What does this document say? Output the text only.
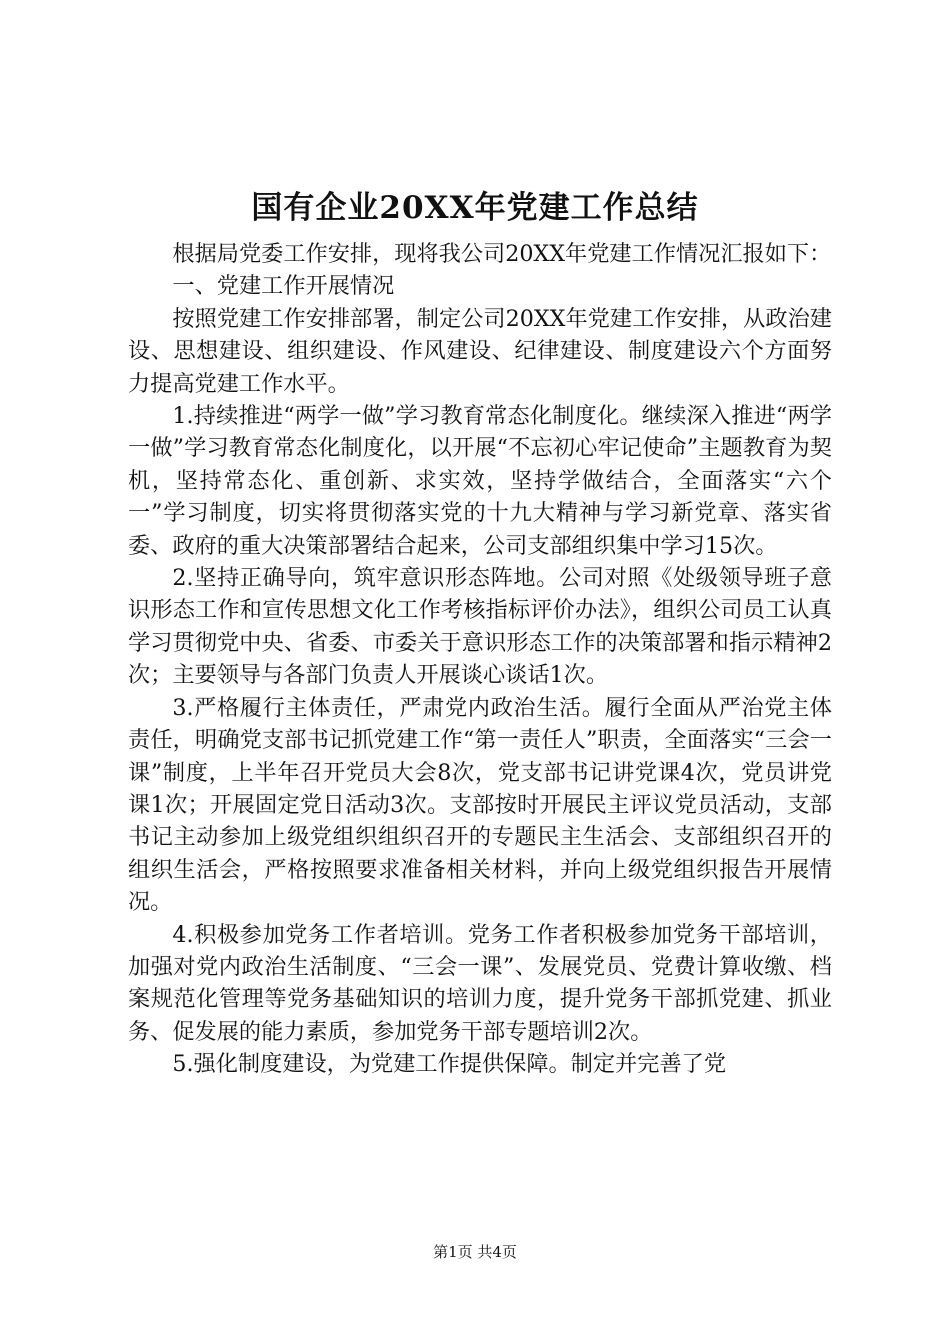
国有企业20XX年党建工作总结

根据局党委工作安排，现将我公司20XX年党建工作情况汇报如下：

一、党建工作开展情况

按照党建工作安排部署，制定公司20XX年党建工作安排，从政治建设、思想建设、组织建设、作风建设、纪律建设、制度建设六个方面努力提高党建工作水平。

1.持续推进“两学一做”学习教育常态化制度化。继续深入推进“两学一做”学习教育常态化制度化，以开展“不忘初心牢记使命”主题教育为契机，坚持常态化、重创新、求实效，坚持学做结合，全面落实“六个一”学习制度，切实将贯彻落实党的十九大精神与学习新党章、落实省委、政府的重大决策部署结合起来，公司支部组织集中学习15次。

2.坚持正确导向，筑牢意识形态阵地。公司对照《处级领导班子意识形态工作和宣传思想文化工作考核指标评价办法》，组织公司员工认真学习贯彻党中央、省委、市委关于意识形态工作的决策部署和指示精神2次；主要领导与各部门负责人开展谈心谈话1次。

3.严格履行主体责任，严肃党内政治生活。履行全面从严治党主体责任，明确党支部书记抓党建工作“第一责任人”职责，全面落实“三会一课”制度，上半年召开党员大会8次，党支部书记讲党课4次，党员讲党课1次；开展固定党日活动3次。支部按时开展民主评议党员活动，支部书记主动参加上级党组织组织召开的专题民主生活会、支部组织召开的组织生活会，严格按照要求准备相关材料，并向上级党组织报告开展情况。

4.积极参加党务工作者培训。党务工作者积极参加党务干部培训，加强对党内政治生活制度、“三会一课”、发展党员、党费计算收缴、档案规范化管理等党务基础知识的培训力度，提升党务干部抓党建、抓业务、促发展的能力素质，参加党务干部专题培训2次。

5.强化制度建设，为党建工作提供保障。制定并完善了党

第1页 共4页
